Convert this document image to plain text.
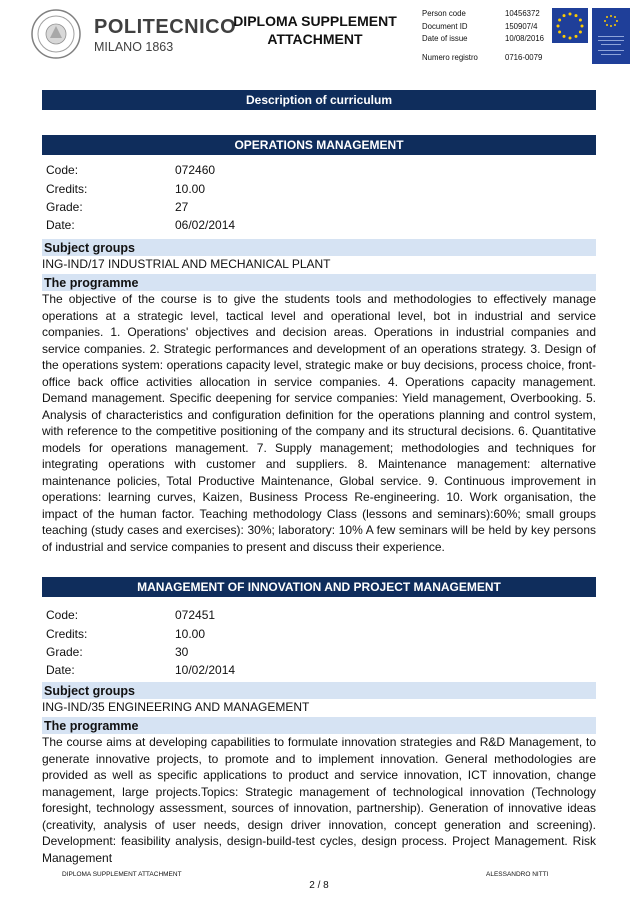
POLITECNICO
MILANO 1863
DIPLOMA SUPPLEMENT
ATTACHMENT
Person code	10456372
Document ID	150907/4
Date of issue	10/08/2016
Numero registro	0716-0079
Description of curriculum
OPERATIONS MANAGEMENT
Code:	072460
Credits:	10.00
Grade:	27
Date:	06/02/2014
Subject groups
ING-IND/17 INDUSTRIAL AND MECHANICAL PLANT
The programme
The objective of the course is to give the students tools and methodologies to effectively manage operations at a strategic level, tactical level and operational level, bot in industrial and service companies. 1. Operations' objectives and decision areas. Operations in industrial companies and service companies. 2. Strategic performances and development of an operations strategy. 3. Design of the operations system: operations capacity level, strategic make or buy decisions, process choice, front-office back office activities allocation in service companies. 4. Operations capacity management. Demand management. Specific deepening for service companies: Yield management, Overbooking. 5. Analysis of characteristics and configuration definition for the operations planning and control system, with reference to the competitive positioning of the company and its structural decisions. 6. Quantitative models for operations management. 7. Supply management; methodologies and techniques for integrating operations with customer and suppliers. 8. Maintenance management: alternative maintenance policies, Total Productive Maintenance, Global service. 9. Continuous improvement in operations: learning curves, Kaizen, Business Process Re-engineering. 10. Work organisation, the impact of the human factor. Teaching methodology Class (lessons and seminars):60%; small groups teaching (study cases and exercises): 30%; laboratory: 10% A few seminars will be held by key persons of industrial and service companies to present and discuss their experience.
MANAGEMENT OF INNOVATION AND PROJECT MANAGEMENT
Code:	072451
Credits:	10.00
Grade:	30
Date:	10/02/2014
Subject groups
ING-IND/35 ENGINEERING AND MANAGEMENT
The programme
The course aims at developing capabilities to formulate innovation strategies and R&D Management, to generate innovative projects, to promote and to implement innovation. General methodologies are provided as well as specific applications to product and service innovation, ICT innovation, change management, large projects.Topics: Strategic management of technological innovation (Technology foresight, technology assessment, sources of innovation, partnership). Generation of innovative ideas (creativity, analysis of user needs, design driver innovation, concept generation and screening). Development: feasibility analysis, design-build-test cycles, design process. Project Management. Risk Management
DIPLOMA SUPPLEMENT ATTACHMENT	ALESSANDRO NITTI
2 / 8
